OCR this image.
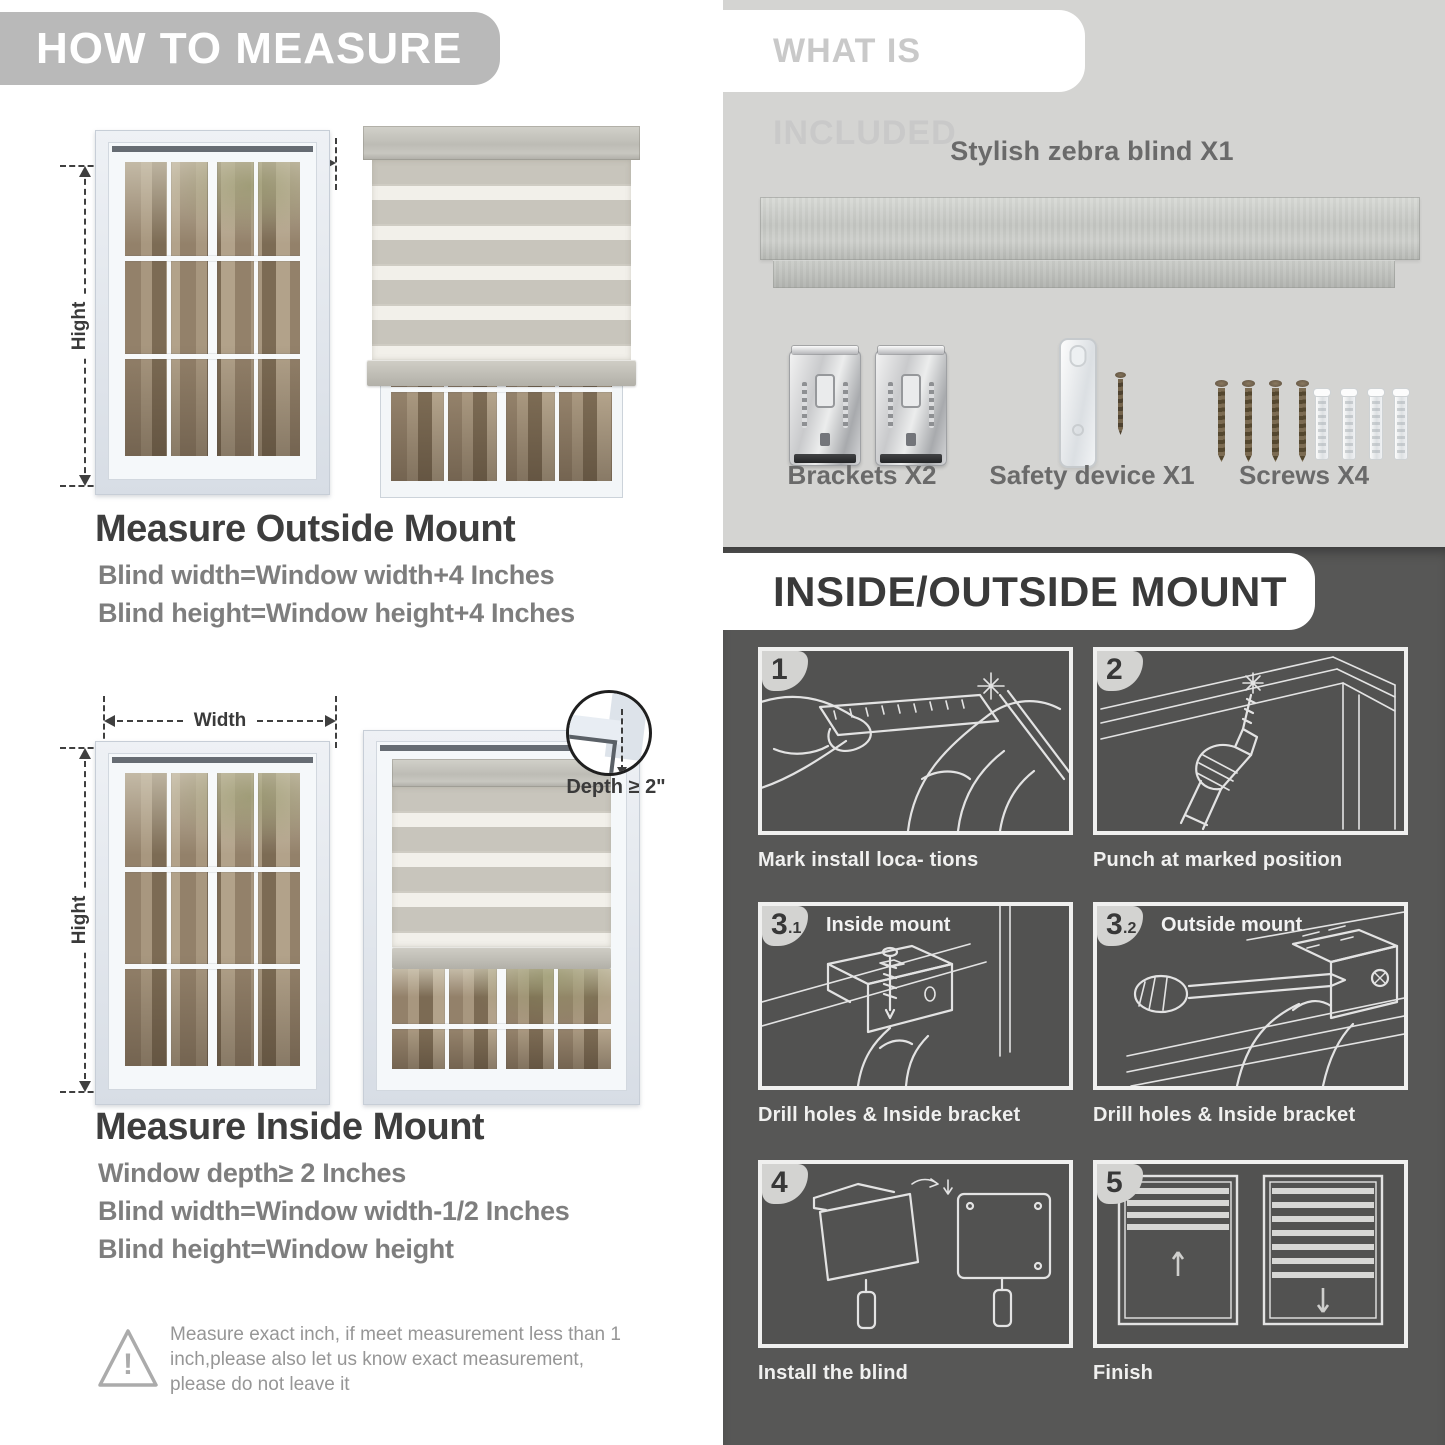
HOW TO MEASURE
Hight
Measure Outside Mount
Blind width=Window width+4 Inches
Blind height=Window height+4 Inches
Width
Hight
Depth ≥ 2"
Measure Inside Mount
Window depth≥ 2 Inches
Blind width=Window width-1/2 Inches
Blind height=Window height
!
Measure exact inch, if meet measurement less than 1 inch,please also let us know exact measurement, please do not leave it
WHAT IS INCLUDED
Stylish zebra blind X1
Brackets X2	Safety device X1	Screws X4
INSIDE/OUTSIDE MOUNT
1
Mark install loca- tions
2
Punch at marked position
3 .1 Inside mount
Drill holes & Inside bracket
3 .2 Outside mount
Drill holes & Inside bracket
4
Install the blind
5
Finish
